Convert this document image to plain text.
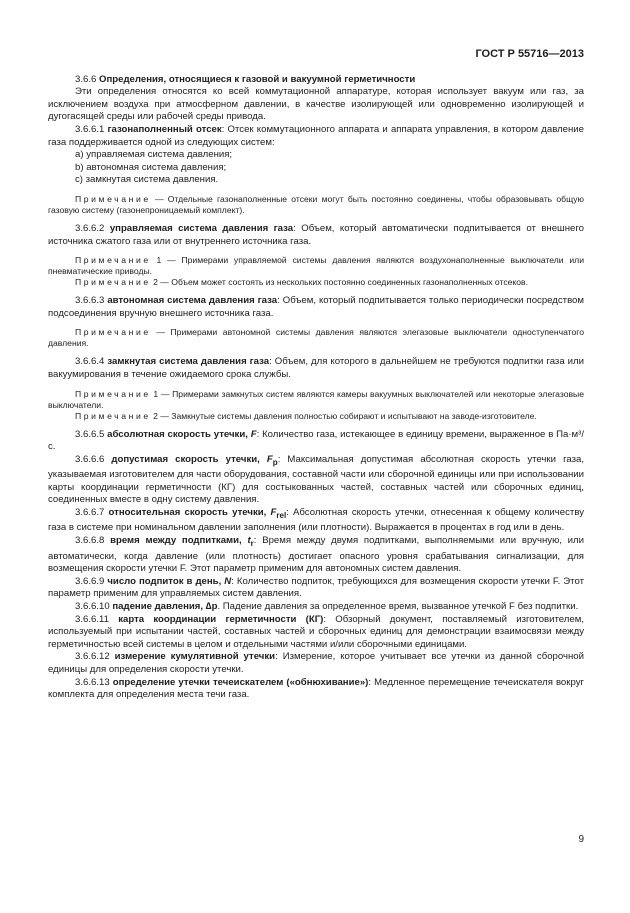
ГОСТ Р 55716—2013

3.6.6 Определения, относящиеся к газовой и вакуумной герметичности

Эти определения относятся ко всей коммутационной аппаратуре, которая использует вакуум или газ, за исключением воздуха при атмосферном давлении, в качестве изолирующей или одновременно изолирующей и дугогасящей среды или рабочей среды привода.

3.6.6.1 газонаполненный отсек: Отсек коммутационного аппарата и аппарата управления, в котором давление газа поддерживается одной из следующих систем:

а) управляемая система давления;

b) автономная система давления;

с) замкнутая система давления.

Примечание — Отдельные газонаполненные отсеки могут быть постоянно соединены, чтобы образовывать общую газовую систему (газонепроницаемый комплект).

3.6.6.2 управляемая система давления газа: Объем, который автоматически подпитывается от внешнего источника сжатого газа или от внутреннего источника газа.

Примечание 1 — Примерами управляемой системы давления являются воздухонаполненные выключатели или пневматические приводы.

Примечание 2 — Объем может состоять из нескольких постоянно соединенных газонаполненных отсеков.

3.6.6.3 автономная система давления газа: Объем, который подпитывается только периодически посредством подсоединения вручную внешнего источника газа.

Примечание — Примерами автономной системы давления являются элегазовые выключатели одноступенчатого давления.

3.6.6.4 замкнутая система давления газа: Объем, для которого в дальнейшем не требуются подпитки газа или вакуумирования в течение ожидаемого срока службы.

Примечание 1 — Примерами замкнутых систем являются камеры вакуумных выключателей или некоторые элегазовые выключатели.

Примечание 2 — Замкнутые системы давления полностью собирают и испытывают на заводе-изготовителе.

3.6.6.5 абсолютная скорость утечки, F: Количество газа, истекающее в единицу времени, выраженное в Па·м³/с.

3.6.6.6 допустимая скорость утечки, $F_p$: Максимальная допустимая абсолютная скорость утечки газа, указываемая изготовителем для части оборудования, составной части или сборочной единицы или при использовании карты координации герметичности (КГ) для состыкованных частей, составных частей или сборочных единиц, соединенных вместе в одну систему давления.

3.6.6.7 относительная скорость утечки, $F_{rel}$: Абсолютная скорость утечки, отнесенная к общему количеству газа в системе при номинальном давлении заполнения (или плотности). Выражается в процентах в год или в день.

3.6.6.8 время между подпитками, $t_r$: Время между двумя подпитками, выполняемыми или вручную, или автоматически, когда давление (или плотность) достигает опасного уровня срабатывания сигнализации, для возмещения скорости утечки F. Этот параметр применим для автономных систем давления.

3.6.6.9 число подпиток в день, N: Количество подпиток, требующихся для возмещения скорости утечки F. Этот параметр применим для управляемых систем давления.

3.6.6.10 падение давления, ∆p. Падение давления за определенное время, вызванное утечкой F без подпитки.

3.6.6.11 карта координации герметичности (КГ): Обзорный документ, поставляемый изготовителем, используемый при испытании частей, составных частей и сборочных единиц для демонстрации взаимосвязи между герметичностью всей системы в целом и отдельными частями и/или сборочными единицами.

3.6.6.12 измерение кумулятивной утечки: Измерение, которое учитывает все утечки из данной сборочной единицы для определения скорости утечки.

3.6.6.13 определение утечки течеискателем («обнюхивание»): Медленное перемещение течеискателя вокруг комплекта для определения места течи газа.

9
